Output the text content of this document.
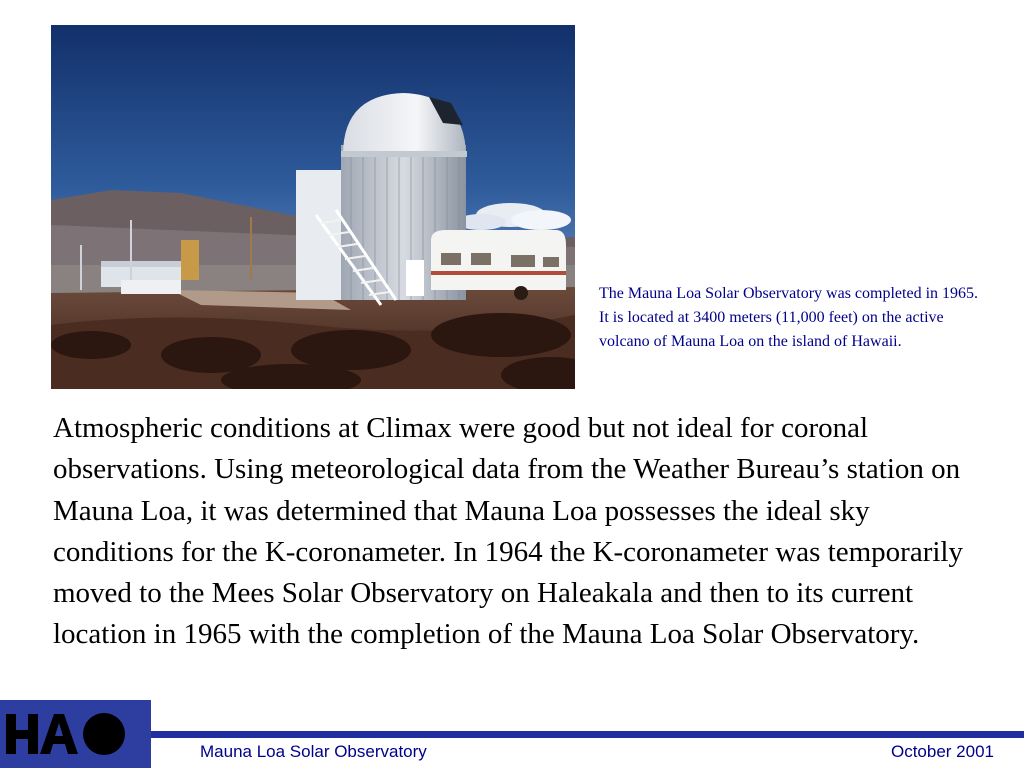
The Mauna Loa Solar Observatory was completed in 1965. It is located at 3400 meters (11,000 feet) on the active volcano of Mauna Loa on the island of Hawaii.

Atmospheric conditions at Climax were good but not ideal for coronal observations. Using meteorological data from the Weather Bureau’s station on Mauna Loa, it was determined that Mauna Loa possesses the ideal sky conditions for the K-coronameter. In 1964 the K-coronameter was temporarily moved to the Mees Solar Observatory on Haleakala and then to its current location in 1965 with the completion of the Mauna Loa Solar Observatory.

Mauna Loa Solar Observatory	October 2001
